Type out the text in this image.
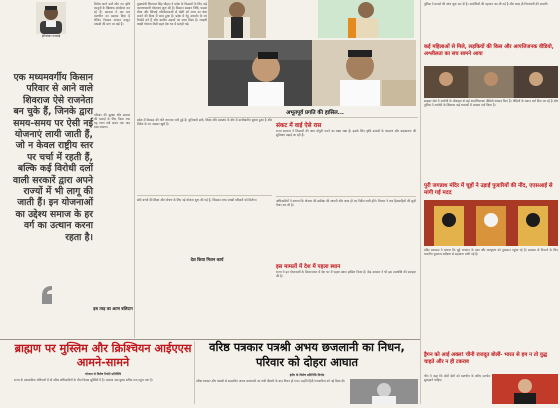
हरिशंकर परसाई
विरोध करने वाले लोग नए कृषि कानूनों के खिलाफ आंदोलन कर रहे हैं। सरकार ने बार बार बातचीत का प्रस्ताव दिया है लेकिन किसान संगठन कानून वापसी की मांग पर अड़े हैं।
एक मध्यमवर्गीय किसान परिवार से आने वाले शिवराज ऐसे राजनेता बन चुके हैं, जिनके द्वारा समय-समय पर ऐसी नई योजनाएं लायी जाती हैं, जो न केवल राष्ट्रीय स्तर पर चर्चा में रहती हैं, बल्कि कई विरोधी दलों वाली सरकारें द्वारा अपने राज्यों में भी लागू की जाती हैं। इन योजनाओं का उद्देश्य समाज के हर वर्ग का उत्थान करना रहता है।
परिवार की सुरक्षा और समाज की भलाई के लिए किया गया यह त्याग लंबे समय तक याद रखा जाएगा।
इस तरह का आत्म बलिदान
मुख्यमंत्री शिवराज सिंह चौहान ने प्रदेश के किसानों के लिए कई कल्याणकारी योजनाएं शुरू की हैं। किसान सम्मान निधि, फसल बीमा और सिंचाई परियोजनाओं से खेती को लाभ का धंधा बनाने की दिशा में काम हुआ है। प्रदेश में गेहूं उपार्जन के नए रिकॉर्ड बने हैं और ग्रामीण सड़कों का जाल बिछा है। लाड़ली लक्ष्मी योजना जैसी पहल देश भर में सराही गई।
अभूतपूर्व प्रगति की हासिल...
प्रदेश में विकास की गति लगातार बनी हुई है। बुनियादी ढांचे, शिक्षा और स्वास्थ्य के क्षेत्र में उल्लेखनीय सुधार हुआ है और निवेश के नए अवसर खुले हैं।
छोटे बच्चों की शिक्षा और पोषण के लिए नई योजना शुरू की गई है, जिसका लाभ लाखों परिवारों को मिलेगा।
देश किया मिशन कार्य
संकट में वाई ऐसे रास
राज्य सरकार ने किसानों की आय दोगुनी करने का लक्ष्य रखा है। इसके लिए कृषि उत्पादों के भंडारण और प्रसंस्करण की सुविधाएं बढ़ाई जा रही हैं।
अधिकारियों ने बताया कि योजना की समीक्षा की जाएगी और जल्द ही नए निर्देश जारी होंगे। विभाग ने पात्र हितग्राहियों की सूची तैयार कर ली है।
इस मामलों में देश में पहला स्थान
राज्य ने इन योजनाओं के क्रियान्वयन में देश भर में पहला स्थान हासिल किया है। केंद्र सरकार ने भी इस उपलब्धि की सराहना की है।
पुलिस ने मामले की जांच शुरू कर दी है। आरोपियों की पहचान कर ली गई है और जल्द ही गिरफ्तारी की जाएगी।
कई महिलाओं से मिले, लड़कियों की किस और आपत्तिजनक वीडियो, अश्लीलता का सच सामने आया
साइबर सेल ने आरोपी के मोबाइल से कई आपत्तिजनक वीडियो बरामद किए हैं। पीड़ितों के बयान दर्ज किए जा रहे हैं और पुलिस ने आरोपी के खिलाफ कई धाराओं में मामला दर्ज किया है।
पुरी जगन्नाथ मंदिर में चूहों ने उड़ाई पुजारियों की नींद, एएसआई से मांगी गई मदद
मंदिर प्रशासन ने बताया कि चूहे भगवान के वस्त्र और आभूषण को नुकसान पहुंचा रहे हैं। समस्या से निपटने के लिए भारतीय पुरातत्व सर्वेक्षण से सहायता मांगी गई है।
ड्रैगन को आई अक्ल! चीनी राजदूत बोलीं- भारत से हम न तो युद्ध चाहते और न ही टकराव
चीन ने कहा कि दोनों देशों को बातचीत के जरिए मतभेद सुलझाने चाहिए।
ब्राह्मण पर मुस्लिम और क्रिश्चियन आईएएस आमने-सामने
भोपाल से विशेष रिपोर्ट प्रतिनिधि
राज्य के प्रशासनिक गलियारों में दो वरिष्ठ अधिकारियों के बीच विवाद सुर्खियों में है। मामला अब मुख्य सचिव तक पहुंच गया है।
वरिष्ठ पत्रकार पत्रश्री अभय छजलानी का निधन, परिवार को दोहरा आघात
इंदौर के विशेष प्रतिनिधि विनोद
वरिष्ठ पत्रकार और पद्मश्री से सम्मानित अभय छजलानी का लंबी बीमारी के बाद निधन हो गया। उन्होंने हिंदी पत्रकारिता को नई दिशा दी।
